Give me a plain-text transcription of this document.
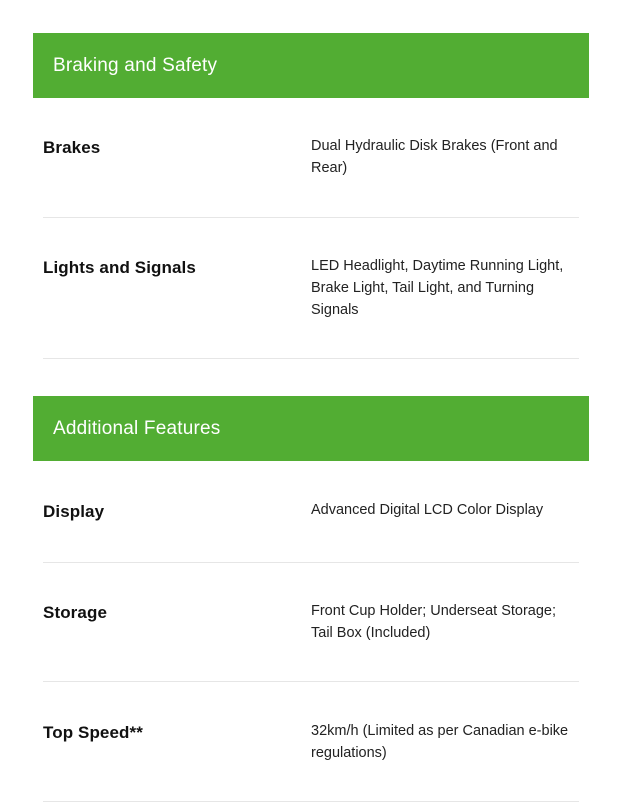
Braking and Safety
Brakes	Dual Hydraulic Disk Brakes (Front and Rear)
Lights and Signals	LED Headlight, Daytime Running Light, Brake Light, Tail Light, and Turning Signals
Additional Features
Display	Advanced Digital LCD Color Display
Storage	Front Cup Holder; Underseat Storage; Tail Box (Included)
Top Speed**	32km/h (Limited as per Canadian e-bike regulations)
